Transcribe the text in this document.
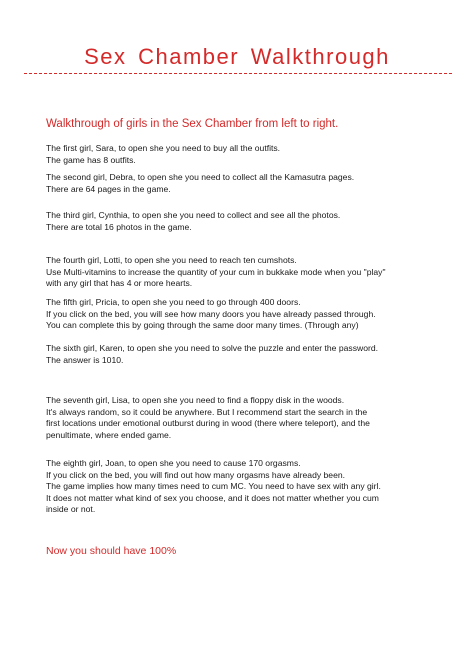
Sex Chamber Walkthrough

Walkthrough of girls in the Sex Chamber from left to right.

The first girl, Sara, to open she you need to buy all the outfits.
The game has 8 outfits.

The second girl, Debra, to open she you need to collect all the Kamasutra pages.
There are 64 pages in the game.

The third girl, Cynthia, to open she you need to collect and see all the photos.
There are total 16 photos in the game.

The fourth girl, Lotti, to open she you need to reach ten cumshots.
Use Multi-vitamins to increase the quantity of your cum in bukkake mode when you "play"
with any girl that has 4 or more hearts.

The fifth girl, Pricia, to open she you need to go through 400 doors.
If you click on the bed, you will see how many doors you have already passed through.
You can complete this by going through the same door many times. (Through any)

The sixth girl, Karen, to open she you need to solve the puzzle and enter the password.
The answer is 1010.

The seventh girl, Lisa, to open she you need to find a floppy disk in the woods.
It's always random, so it could be anywhere. But I recommend start the search in the
first locations under emotional outburst during in wood (there where teleport), and the
penultimate, where ended game.

The eighth girl, Joan, to open she you need to cause 170 orgasms.
If you click on the bed, you will find out how many orgasms have already been.
The game implies how many times need to cum MC. You need to have sex with any girl.
It does not matter what kind of sex you choose, and it does not matter whether you cum
inside or not.

Now you should have 100%
